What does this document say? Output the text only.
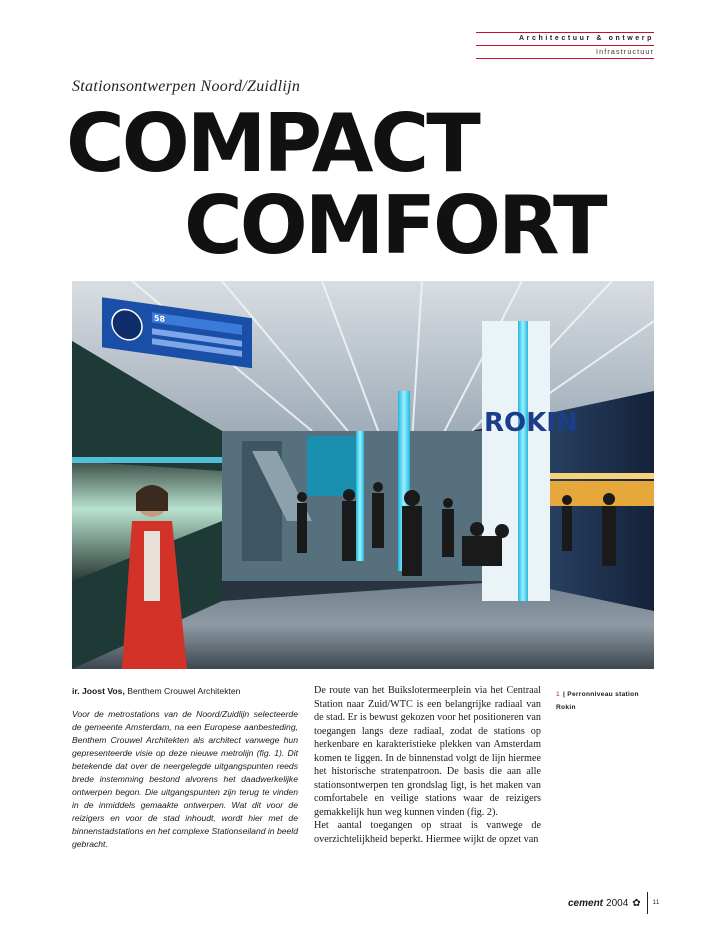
Architectuur & ontwerp
Infrastructuur
Stationsontwerpen Noord/Zuidlijn
COMPACT
COMFORT
ROKIN
58
ir. Joost Vos, Benthem Crouwel Architekten
Voor de metrostations van de Noord/Zuidlijn selecteerde de gemeente Amsterdam, na een Europese aanbesteding, Benthem Crouwel Architekten als architect vanwege hun gepresenteerde visie op deze nieuwe metrolijn (fig. 1). Dit betekende dat over de neergelegde uitgangspunten reeds brede instemming bestond alvorens het daadwerkelijke ontwerpen begon. Die uitgangspunten zijn terug te vinden in de inmiddels gemaakte ontwerpen. Wat dit voor de reizigers en voor de stad inhoudt, wordt hier met de binnenstadstations en het complexe Stationseiland in beeld gebracht.

De route van het Buikslotermeerplein via het Centraal Station naar Zuid/WTC is een belangrijke radiaal van de stad. Er is bewust gekozen voor het positioneren van toegangen langs deze radiaal, zodat de stations op herkenbare en karakteristieke plekken van Amsterdam komen te liggen. In de binnenstad volgt de lijn hiermee het historische stratenpatroon. De basis die aan alle stationsontwerpen ten grondslag ligt, is het maken van comfortabele en veilige stations waar de reizigers gemakkelijk hun weg kunnen vinden (fig. 2).

Het aantal toegangen op straat is vanwege de overzichtelijkheid beperkt. Hiermee wijkt de opzet van

1 | Perronniveau station Rokin
cement 2004 ✿ 11
